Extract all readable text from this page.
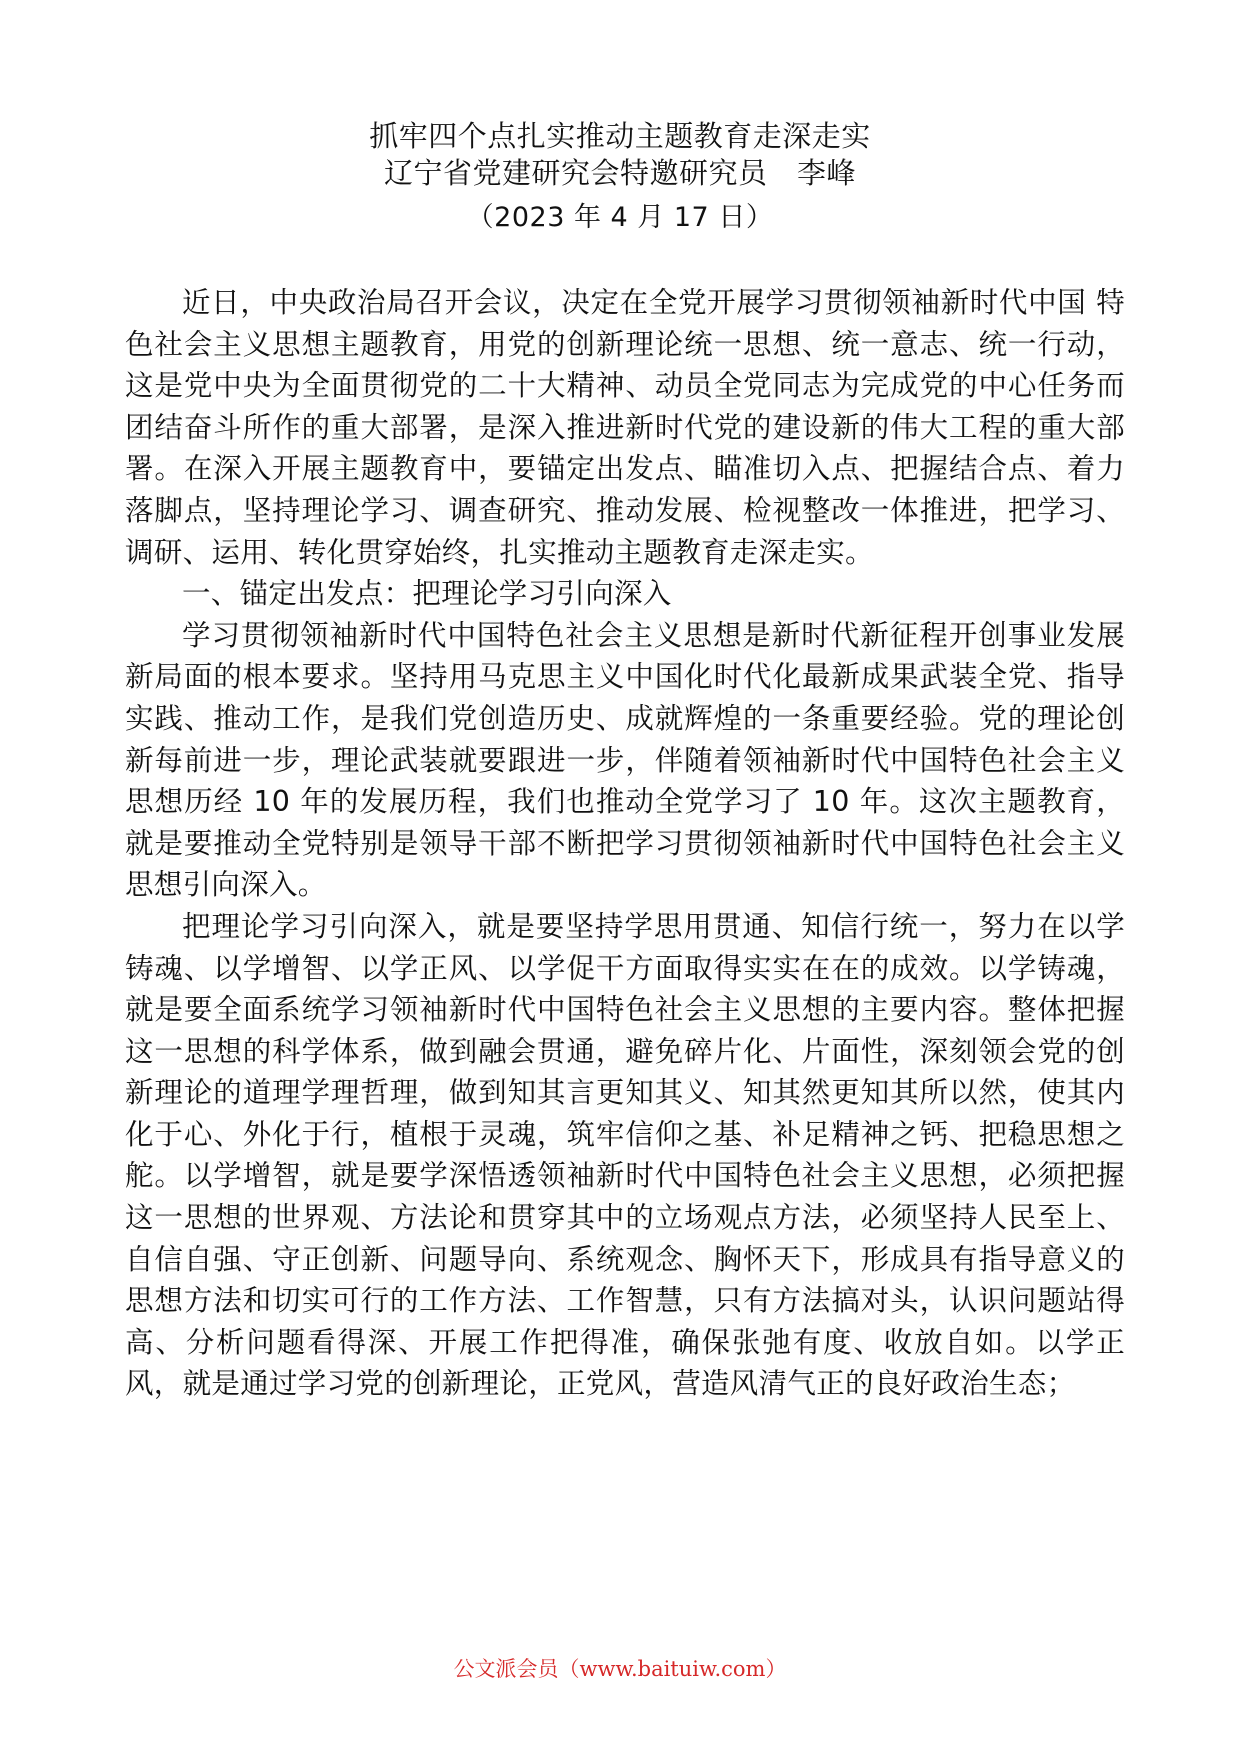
抓牢四个点扎实推动主题教育走深走实
辽宁省党建研究会特邀研究员　李峰
（2023 年 4 月 17 日）

近日，中央政治局召开会议，决定在全党开展学习贯彻领袖新时代中国 特色社会主义思想主题教育，用党的创新理论统一思想、统一意志、统一行动， 这是党中央为全面贯彻党的二十大精神、动员全党同志为完成党的中心任务而 团结奋斗所作的重大部署，是深入推进新时代党的建设新的伟大工程的重大部 署。在深入开展主题教育中，要锚定出发点、瞄准切入点、把握结合点、着力 落脚点，坚持理论学习、调查研究、推动发展、检视整改一体推进，把学习、 调研、运用、转化贯穿始终，扎实推动主题教育走深走实。

一、锚定出发点：把理论学习引向深入

学习贯彻领袖新时代中国特色社会主义思想是新时代新征程开创事业发展新局面的根本要求。坚持用马克思主义中国化时代化最新成果武装全党、指导实践、推动工作，是我们党创造历史、成就辉煌的一条重要经验。党的理论创新每前进一步，理论武装就要跟进一步，伴随着领袖新时代中国特色社会主义思想历经 10 年的发展历程，我们也推动全党学习了 10 年。这次主题教育，就是要推动全党特别是领导干部不断把学习贯彻领袖新时代中国特色社会主义思想引向深入。

把理论学习引向深入，就是要坚持学思用贯通、知信行统一，努力在以学铸魂、以学增智、以学正风、以学促干方面取得实实在在的成效。以学铸魂，就是要全面系统学习领袖新时代中国特色社会主义思想的主要内容。整体把握这一思想的科学体系，做到融会贯通，避免碎片化、片面性，深刻领会党的创新理论的道理学理哲理，做到知其言更知其义、知其然更知其所以然，使其内化于心、外化于行，植根于灵魂，筑牢信仰之基、补足精神之钙、把稳思想之舵。以学增智，就是要学深悟透领袖新时代中国特色社会主义思想，必须把握这一思想的世界观、方法论和贯穿其中的立场观点方法，必须坚持人民至上、自信自强、守正创新、问题导向、系统观念、胸怀天下，形成具有指导意义的思想方法和切实可行的工作方法、工作智慧，只有方法搞对头，认识问题站得高、分析问题看得深、开展工作把得准，确保张弛有度、收放自如。以学正风，就是通过学习党的创新理论，正党风，营造风清气正的良好政治生态；

公文派会员（www.baituiw.com）
